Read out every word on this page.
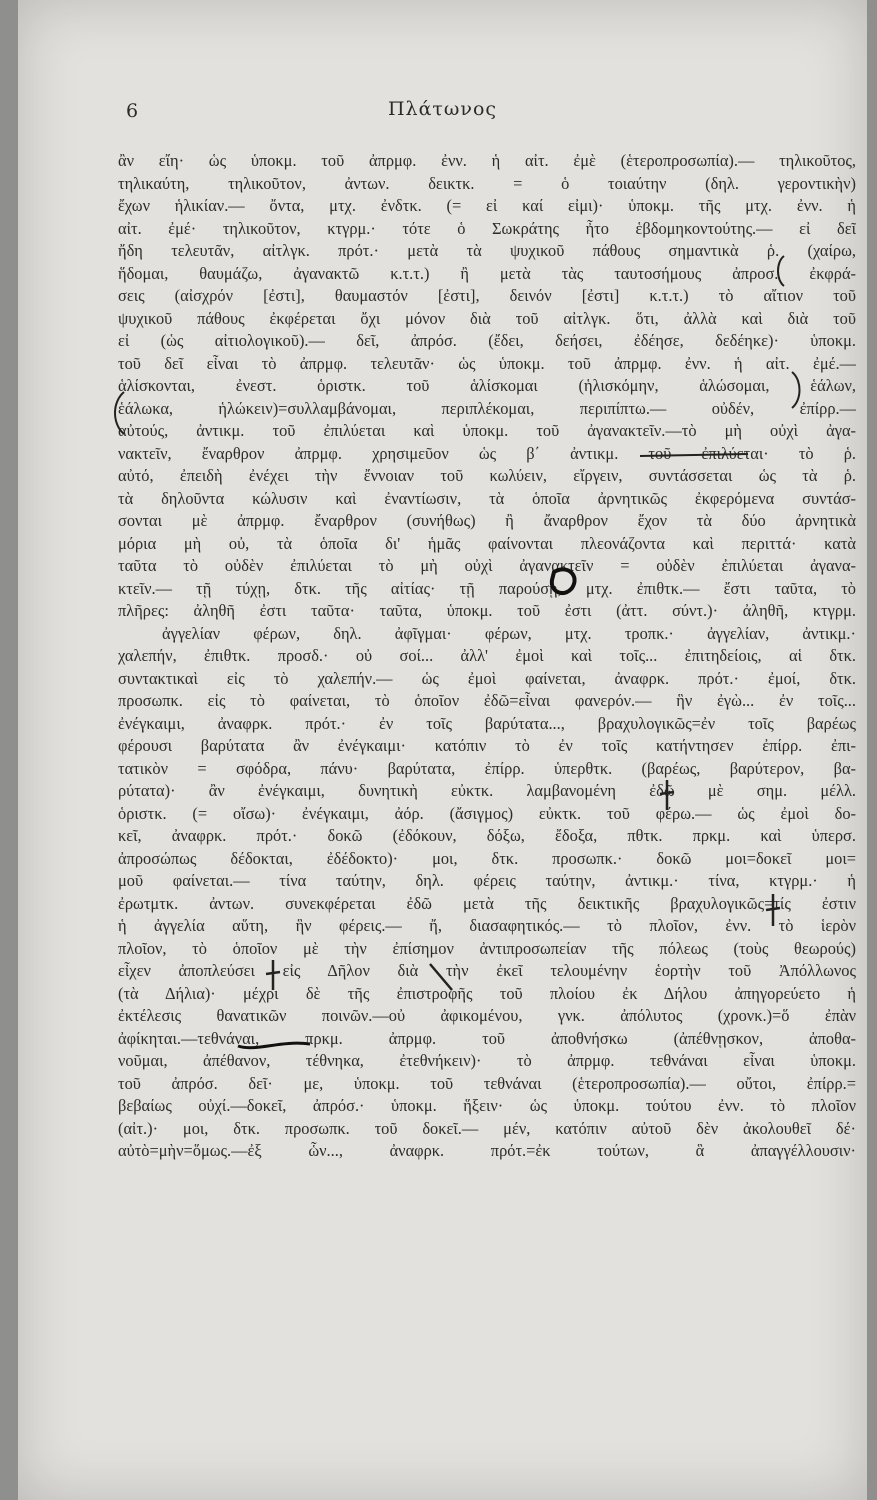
6	Πλάτωνος
ἂν εἴη· ὡς ὑποκμ. τοῦ ἀπρμφ. ἐνν. ἡ αἰτ. ἐμὲ (ἑτεροπροσωπία).— τηλικοῦτος,
τηλικαύτη, τηλικοῦτον, ἀντων. δεικτκ. = ὁ τοιαύτην (δηλ. γεροντικὴν)
ἔχων ἡλικίαν.— ὄντα, μτχ. ἐνδτκ. (= εἰ καί εἰμι)· ὑποκμ. τῆς μτχ. ἐνν. ἡ
αἰτ. ἐμέ· τηλικοῦτον, κτγρμ.· τότε ὁ Σωκράτης ἦτο ἑβδομηκοντούτης.— εἰ δεῖ
ἤδη τελευτᾶν, αἰτλγκ. πρότ.· μετὰ τὰ ψυχικοῦ πάθους σημαντικὰ ῥ. (χαίρω,
ἥδομαι, θαυμάζω, ἀγανακτῶ κ.τ.τ.) ἢ μετὰ τὰς ταυτοσήμους ἀπροσ. ἐκφρά-
σεις (αἰσχρόν [ἐστι], θαυμαστόν [ἐστι], δεινόν [ἐστι] κ.τ.τ.) τὸ αἴτιον τοῦ
ψυχικοῦ πάθους ἐκφέρεται ὄχι μόνον διὰ τοῦ αἰτλγκ. ὅτι, ἀλλὰ καὶ διὰ τοῦ
εἰ (ὡς αἰτιολογικοῦ).— δεῖ, ἀπρόσ. (ἔδει, δεήσει, ἐδέησε, δεδέηκε)· ὑποκμ.
τοῦ δεῖ εἶναι τὸ ἀπρμφ. τελευτᾶν· ὡς ὑποκμ. τοῦ ἀπρμφ. ἐνν. ἡ αἰτ. ἐμέ.—
ἁλίσκονται, ἐνεστ. ὁριστκ. τοῦ ἁλίσκομαι (ἡλισκόμην, ἁλώσομαι, ἑάλων,
ἑάλωκα, ἡλώκειν)=συλλαμβάνομαι, περιπλέκομαι, περιπίπτω.— οὐδέν, ἐπίρρ.—
αὐτούς, ἀντικμ. τοῦ ἐπιλύεται καὶ ὑποκμ. τοῦ ἀγανακτεῖν.—τὸ μὴ οὐχὶ ἀγα-
νακτεῖν, ἔναρθρον ἀπρμφ. χρησιμεῦον ὡς β΄ ἀντικμ. τοῦ ἐπιλύεται· τὸ ῥ.
αὐτό, ἐπειδὴ ἐνέχει τὴν ἔννοιαν τοῦ κωλύειν, εἴργειν, συντάσσεται ὡς τὰ ῥ.
τὰ δηλοῦντα κώλυσιν καὶ ἐναντίωσιν, τὰ ὁποῖα ἀρνητικῶς ἐκφερόμενα συντάσ-
σονται μὲ ἀπρμφ. ἔναρθρον (συνήθως) ἢ ἄναρθρον ἔχον τὰ δύο ἀρνητικὰ
μόρια μὴ οὐ, τὰ ὁποῖα δι' ἡμᾶς φαίνονται πλεονάζοντα καὶ περιττά· κατὰ
ταῦτα τὸ οὐδὲν ἐπιλύεται τὸ μὴ οὐχὶ ἀγανακτεῖν = οὐδὲν ἐπιλύεται ἀγανα-
κτεῖν.— τῇ τύχῃ, δτκ. τῆς αἰτίας· τῇ παρούσῃ, μτχ. ἐπιθτκ.— ἔστι ταῦτα, τὸ
πλῆρες: ἀληθῆ ἐστι ταῦτα· ταῦτα, ὑποκμ. τοῦ ἐστι (ἀττ. σύντ.)· ἀληθῆ, κτγρμ.
ἀγγελίαν φέρων, δηλ. ἀφῖγμαι· φέρων, μτχ. τροπκ.· ἀγγελίαν, ἀντικμ.·
χαλεπήν, ἐπιθτκ. προσδ.· οὐ σοί... ἀλλ' ἐμοὶ καὶ τοῖς... ἐπιτηδείοις, αἱ δτκ.
συντακτικαὶ εἰς τὸ χαλεπήν.— ὡς ἐμοὶ φαίνεται, ἀναφρκ. πρότ.· ἐμοί, δτκ.
προσωπκ. εἰς τὸ φαίνεται, τὸ ὁποῖον ἐδῶ=εἶναι φανερόν.— ἣν ἐγὼ... ἐν τοῖς...
ἐνέγκαιμι, ἀναφρκ. πρότ.· ἐν τοῖς βαρύτατα..., βραχυλογικῶς=ἐν τοῖς βαρέως
φέρουσι βαρύτατα ἂν ἐνέγκαιμι· κατόπιν τὸ ἐν τοῖς κατήντησεν ἐπίρρ. ἐπι-
τατικὸν = σφόδρα, πάνυ· βαρύτατα, ἐπίρρ. ὑπερθτκ. (βαρέως, βαρύτερον, βα-
ρύτατα)· ἂν ἐνέγκαιμι, δυνητικὴ εὐκτκ. λαμβανομένη ἐδῶ μὲ σημ. μέλλ.
ὁριστκ. (= οἴσω)· ἐνέγκαιμι, ἀόρ. (ἄσιγμος) εὐκτκ. τοῦ φέρω.— ὡς ἐμοὶ δο-
κεῖ, ἀναφρκ. πρότ.· δοκῶ (ἐδόκουν, δόξω, ἔδοξα, πθτκ. πρκμ. καὶ ὑπερσ.
ἀπροσώπως δέδοκται, ἐδέδοκτο)· μοι, δτκ. προσωπκ.· δοκῶ μοι=δοκεῖ μοι=
μοῦ φαίνεται.— τίνα ταύτην, δηλ. φέρεις ταύτην, ἀντικμ.· τίνα, κτγρμ.· ἡ
ἐρωτμτκ. ἀντων. συνεκφέρεται ἐδῶ μετὰ τῆς δεικτικῆς βραχυλογικῶς=τίς ἐστιν
ἡ ἀγγελία αὕτη, ἣν φέρεις.— ἤ, διασαφητικός.— τὸ πλοῖον, ἐνν. τὸ ἱερὸν
πλοῖον, τὸ ὁποῖον μὲ τὴν ἐπίσημον ἀντιπροσωπείαν τῆς πόλεως (τοὺς θεωρούς)
εἶχεν ἀποπλεύσει εἰς Δῆλον διὰ τὴν ἐκεῖ τελουμένην ἑορτὴν τοῦ Ἀπόλλωνος
(τὰ Δήλια)· μέχρι δὲ τῆς ἐπιστροφῆς τοῦ πλοίου ἐκ Δήλου ἀπηγορεύετο ἡ
ἐκτέλεσις θανατικῶν ποινῶν.—οὐ ἀφικομένου, γνκ. ἀπόλυτος (χρονκ.)=ὅ ἐπὰν
ἀφίκηται.—τεθνάναι, πρκμ. ἀπρμφ. τοῦ ἀποθνήσκω (ἀπέθνῃσκον, ἀποθα-
νοῦμαι, ἀπέθανον, τέθνηκα, ἐτεθνήκειν)· τὸ ἀπρμφ. τεθνάναι εἶναι ὑποκμ.
τοῦ ἀπρόσ. δεῖ· με, ὑποκμ. τοῦ τεθνάναι (ἑτεροπροσωπία).— οὔτοι, ἐπίρρ.=
βεβαίως οὐχί.—δοκεῖ, ἀπρόσ.· ὑποκμ. ἥξειν· ὡς ὑποκμ. τούτου ἐνν. τὸ πλοῖον
(αἰτ.)· μοι, δτκ. προσωπκ. τοῦ δοκεῖ.— μέν, κατόπιν αὐτοῦ δὲν ἀκολουθεῖ δέ·
αὐτὸ=μὴν=ὅμως.—ἐξ ὧν..., ἀναφρκ. πρότ.=ἐκ τούτων, ἃ ἀπαγγέλλουσιν·
